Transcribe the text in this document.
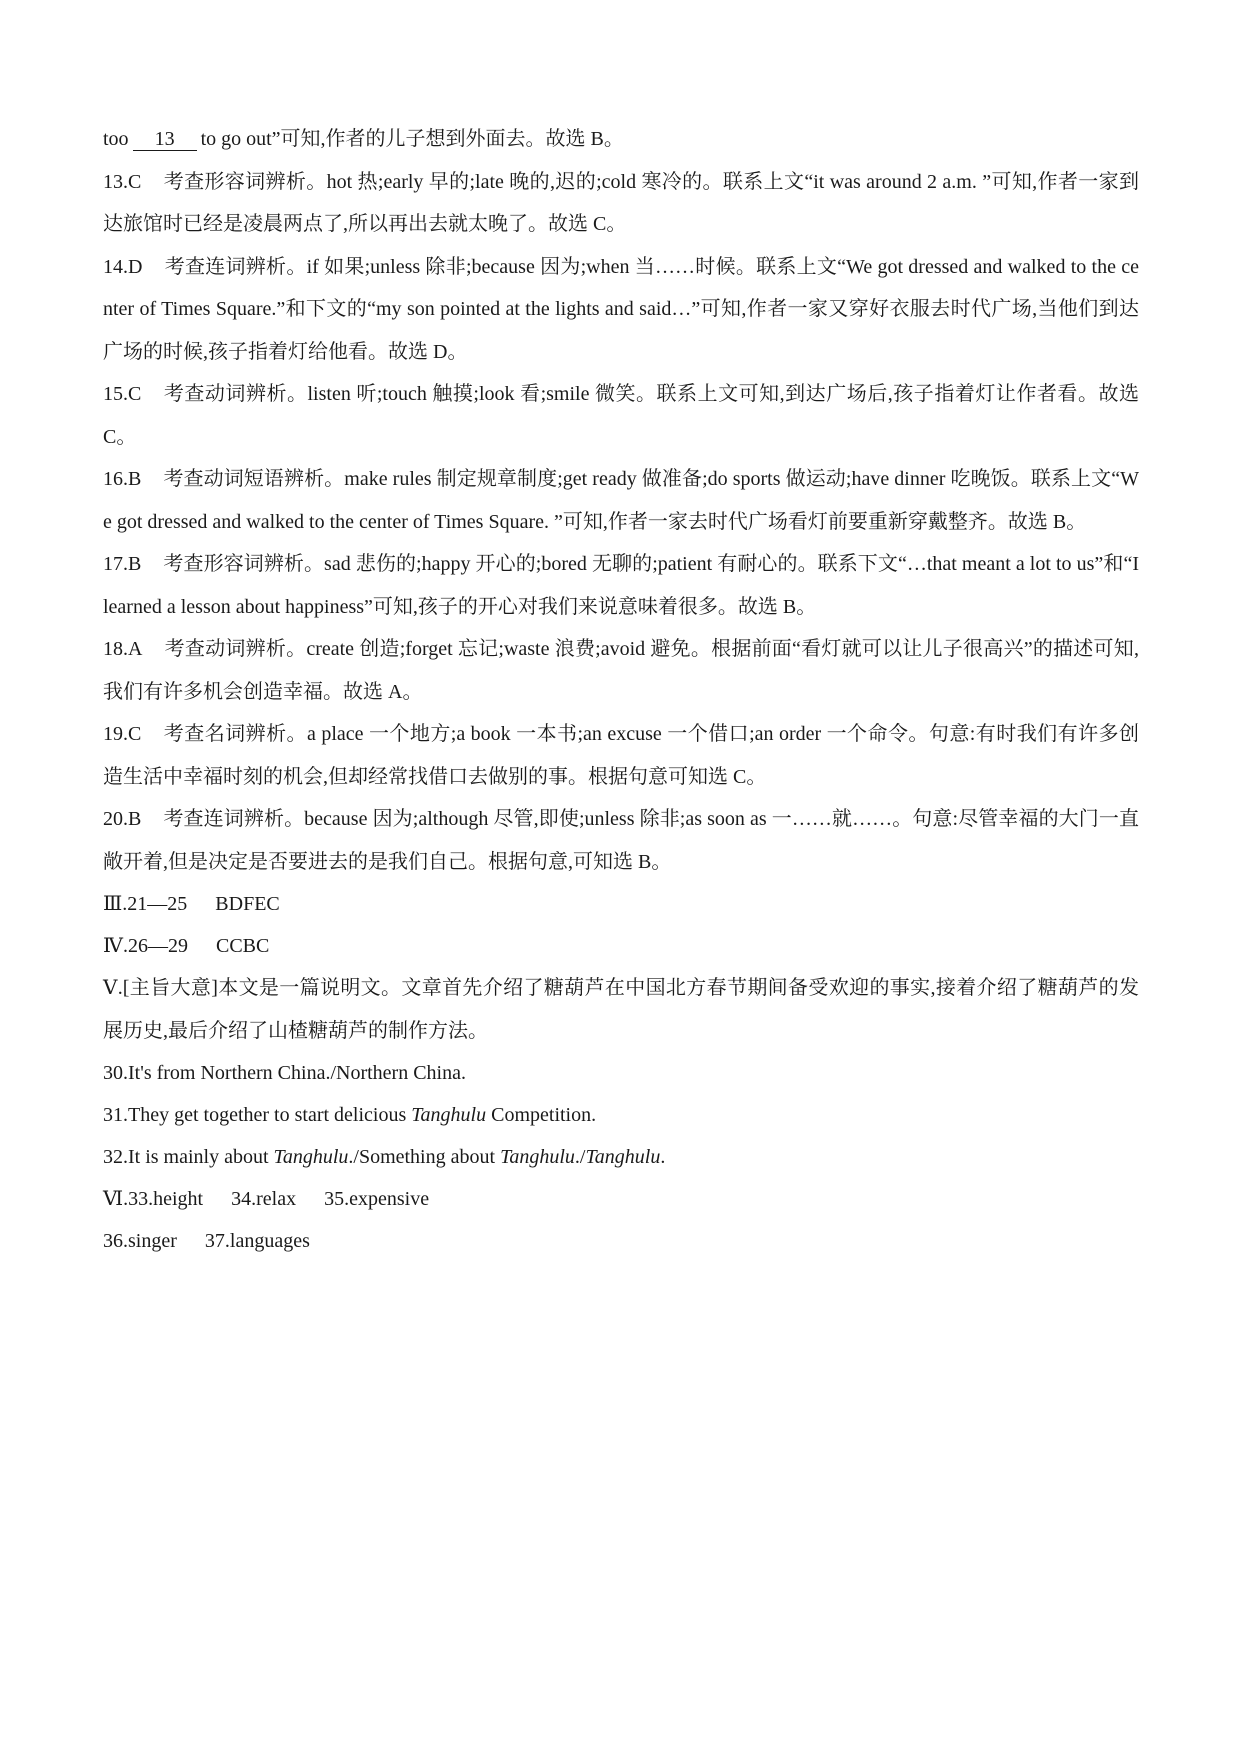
too 13 to go out”可知,作者的儿子想到外面去。故选 B。

13.C 考查形容词辨析。hot 热;early 早的;late 晚的,迟的;cold 寒冷的。联系上文“it was around 2 a.m. ”可知,作者一家到达旅馆时已经是凌晨两点了,所以再出去就太晚了。故选 C。

14.D 考查连词辨析。if 如果;unless 除非;because 因为;when 当……时候。联系上文“We got dressed and walked to the center of Times Square.”和下文的“my son pointed at the lights and said…”可知,作者一家又穿好衣服去时代广场,当他们到达广场的时候,孩子指着灯给他看。故选 D。

15.C 考查动词辨析。listen 听;touch 触摸;look 看;smile 微笑。联系上文可知,到达广场后,孩子指着灯让作者看。故选 C。

16.B 考查动词短语辨析。make rules 制定规章制度;get ready 做准备;do sports 做运动;have dinner 吃晚饭。联系上文“We got dressed and walked to the center of Times Square. ”可知,作者一家去时代广场看灯前要重新穿戴整齐。故选 B。

17.B 考查形容词辨析。sad 悲伤的;happy 开心的;bored 无聊的;patient 有耐心的。联系下文“…that meant a lot to us”和“I learned a lesson about happiness”可知,孩子的开心对我们来说意味着很多。故选 B。

18.A 考查动词辨析。create 创造;forget 忘记;waste 浪费;avoid 避免。根据前面“看灯就可以让儿子很高兴”的描述可知,我们有许多机会创造幸福。故选 A。

19.C 考查名词辨析。a place 一个地方;a book 一本书;an excuse 一个借口;an order 一个命令。句意:有时我们有许多创造生活中幸福时刻的机会,但却经常找借口去做别的事。根据句意可知选 C。

20.B 考查连词辨析。because 因为;although 尽管,即使;unless 除非;as soon as 一……就……。句意:尽管幸福的大门一直敞开着,但是决定是否要进去的是我们自己。根据句意,可知选 B。

Ⅲ.21—25 BDFEC

Ⅳ.26—29 CCBC

Ⅴ.[主旨大意]本文是一篇说明文。文章首先介绍了糖葫芦在中国北方春节期间备受欢迎的事实,接着介绍了糖葫芦的发展历史,最后介绍了山楂糖葫芦的制作方法。

30.It's from Northern China./Northern China.

31.They get together to start delicious Tanghulu Competition.

32.It is mainly about Tanghulu./Something about Tanghulu./Tanghulu.

Ⅵ.33.height 34.relax 35.expensive

36.singer 37.languages
